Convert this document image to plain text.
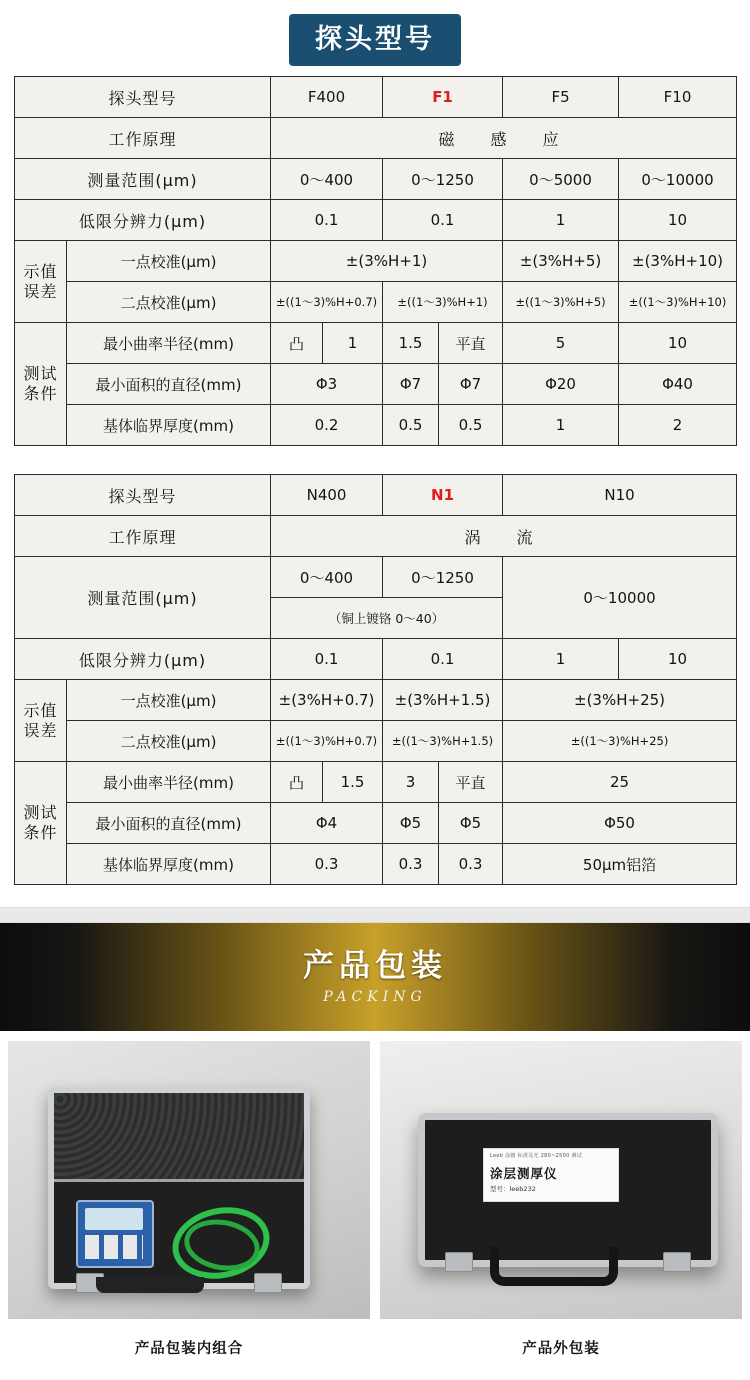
探头型号
探头型号		F400		F1		F5	F10
工作原理		磁　感　应					
测量范围(μm)		0～400		0～1250		0～5000	0～10000
低限分辨力(μm)		0.1		0.1		1	10
示值
误差	一点校准(μm)	±(3%H+1)				±(3%H+5)	±(3%H+10)
	二点校准(μm)	±((1～3)%H+0.7)		±((1～3)%H+1)		±((1～3)%H+5)	±((1～3)%H+10)
测试
条件	最小曲率半径(mm)	凸	1	1.5	平直	5	10
	最小面积的直径(mm)	Φ3		Φ7	Φ7	Φ20	Φ40
	基体临界厚度(mm)	0.2		0.5	0.5	1	2
探头型号		N400		N1		N10	
工作原理		涡　流					
测量范围(μm)		0～400		0～1250		0～10000	
		（铜上镀铬 0～40）					
低限分辨力(μm)		0.1		0.1		1	10
示值
误差	一点校准(μm)	±(3%H+0.7)		±(3%H+1.5)		±(3%H+25)	
	二点校准(μm)	±((1～3)%H+0.7)		±((1～3)%H+1.5)		±((1～3)%H+25)	
测试
条件	最小曲率半径(mm)	凸	1.5	3	平直	25	
	最小面积的直径(mm)	Φ4		Φ5	Φ5	Φ50	
	基体临界厚度(mm)	0.3		0.3	0.3	50μm铝箔	
产品包装
PACKING
产品包装内组合
Leeb 涂镀 标准及光 280~2500 测试
涂层测厚仪
型号：leeb232
产品外包装
